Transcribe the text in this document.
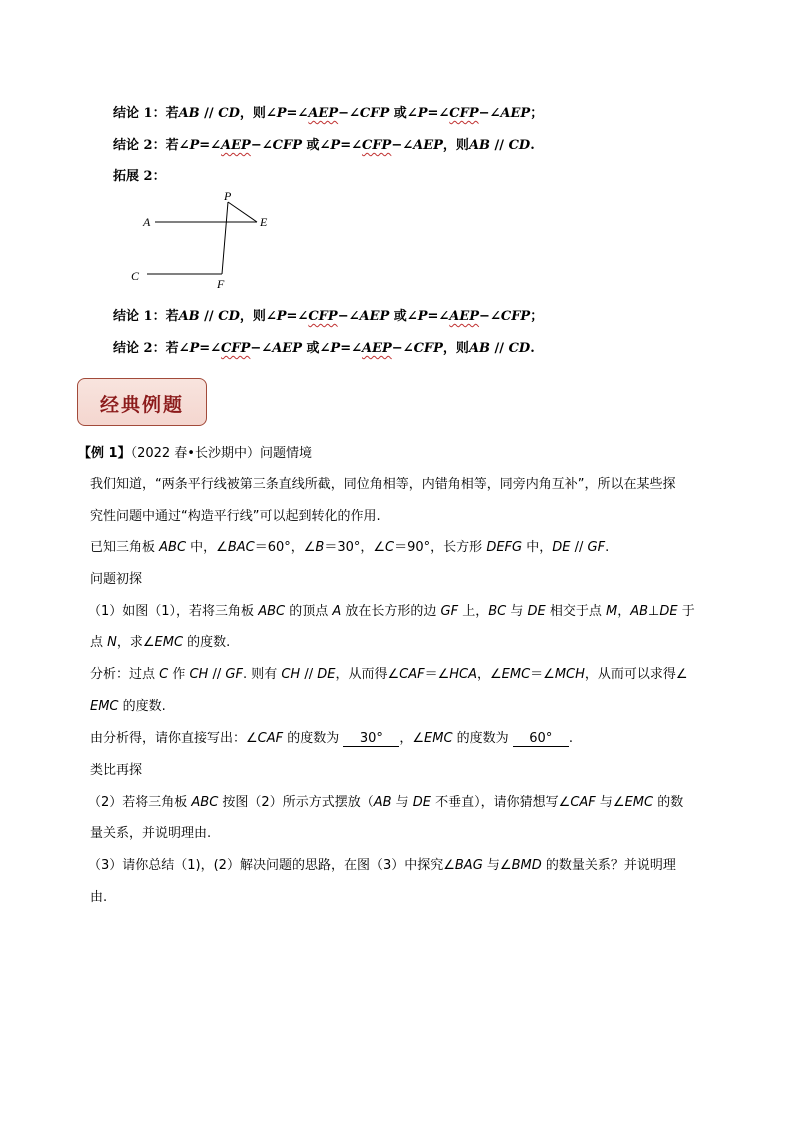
结论 1：若AB // CD，则∠P=∠AEP−∠CFP 或∠P=∠CFP−∠AEP；
结论 2：若∠P=∠AEP−∠CFP 或∠P=∠CFP−∠AEP，则AB // CD.
拓展 2：
A
P
E
C
F
结论 1：若AB // CD，则∠P=∠CFP−∠AEP 或∠P=∠AEP−∠CFP；
结论 2：若∠P=∠CFP−∠AEP 或∠P=∠AEP−∠CFP，则AB // CD.
经典例题
【例 1】（2022 春•长沙期中）问题情境
我们知道，“两条平行线被第三条直线所截，同位角相等，内错角相等，同旁内角互补”，所以在某些探
究性问题中通过“构造平行线”可以起到转化的作用.
已知三角板 ABC 中，∠BAC＝60°，∠B＝30°，∠C＝90°，长方形 DEFG 中，DE // GF.
问题初探
（1）如图（1），若将三角板 ABC 的顶点 A 放在长方形的边 GF 上，BC 与 DE 相交于点 M，AB⊥DE 于
点 N，求∠EMC 的度数.
分析：过点 C 作 CH // GF. 则有 CH // DE，从而得∠CAF＝∠HCA，∠EMC＝∠MCH，从而可以求得∠
EMC 的度数.
由分析得，请你直接写出：∠CAF 的度数为 30° ，∠EMC 的度数为 60° .
类比再探
（2）若将三角板 ABC 按图（2）所示方式摆放（AB 与 DE 不垂直），请你猜想写∠CAF 与∠EMC 的数
量关系，并说明理由.
（3）请你总结（1)，(2）解决问题的思路，在图（3）中探究∠BAG 与∠BMD 的数量关系？并说明理
由.
